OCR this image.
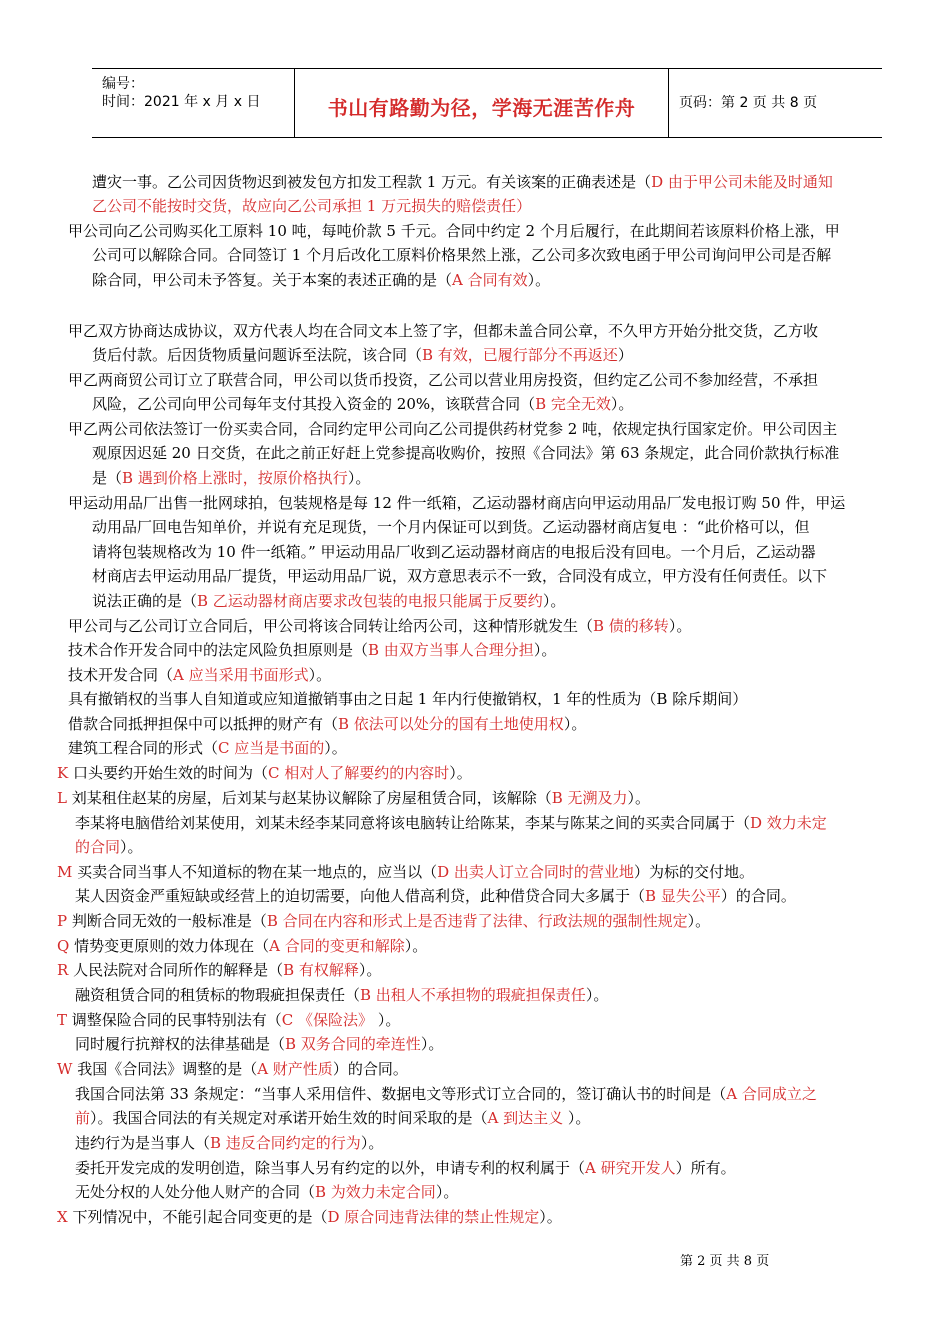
编号：
时间：2021 年 x 月 x 日	书山有路勤为径，学海无涯苦作舟	页码：第 2 页 共 8 页
遭灾一事。乙公司因货物迟到被发包方扣发工程款 1 万元。有关该案的正确表述是（D 由于甲公司未能及时通知
乙公司不能按时交货，故应向乙公司承担 1 万元损失的赔偿责任）
甲公司向乙公司购买化工原料 10 吨，每吨价款 5 千元。合同中约定 2 个月后履行，在此期间若该原料价格上涨，甲
公司可以解除合同。合同签订 1 个月后改化工原料价格果然上涨，乙公司多次致电函于甲公司询问甲公司是否解
除合同，甲公司未予答复。关于本案的表述正确的是（A 合同有效）。
甲乙双方协商达成协议，双方代表人均在合同文本上签了字，但都未盖合同公章，不久甲方开始分批交货，乙方收
货后付款。后因货物质量问题诉至法院，该合同（B 有效，已履行部分不再返还）
甲乙两商贸公司订立了联营合同，甲公司以货币投资，乙公司以营业用房投资，但约定乙公司不参加经营，不承担
风险，乙公司向甲公司每年支付其投入资金的 20%，该联营合同（B 完全无效）。
甲乙两公司依法签订一份买卖合同，合同约定甲公司向乙公司提供药材党参 2 吨，依规定执行国家定价。甲公司因主
观原因迟延 20 日交货，在此之前正好赶上党参提高收购价，按照《合同法》第 63 条规定，此合同价款执行标准
是（B 遇到价格上涨时，按原价格执行）。
甲运动用品厂出售一批网球拍，包装规格是每 12 件一纸箱，乙运动器材商店向甲运动用品厂发电报订购 50 件，甲运
动用品厂回电告知单价，并说有充足现货，一个月内保证可以到货。乙运动器材商店复电 ：“此价格可以，但
请将包装规格改为 10 件一纸箱。” 甲运动用品厂收到乙运动器材商店的电报后没有回电。一个月后，乙运动器
材商店去甲运动用品厂提货，甲运动用品厂说，双方意思表示不一致，合同没有成立，甲方没有任何责任。以下
说法正确的是（B 乙运动器材商店要求改包装的电报只能属于反要约）。
甲公司与乙公司订立合同后，甲公司将该合同转让给丙公司，这种情形就发生（B 债的移转）。
技术合作开发合同中的法定风险负担原则是（B 由双方当事人合理分担）。
技术开发合同（A 应当采用书面形式）。
具有撤销权的当事人自知道或应知道撤销事由之日起 1 年内行使撤销权，1 年的性质为（B 除斥期间）
借款合同抵押担保中可以抵押的财产有（B 依法可以处分的国有土地使用权）。
建筑工程合同的形式（C 应当是书面的）。
K 口头要约开始生效的时间为（C 相对人了解要约的内容时）。
L 刘某租住赵某的房屋，后刘某与赵某协议解除了房屋租赁合同，该解除（B 无溯及力）。
李某将电脑借给刘某使用，刘某未经李某同意将该电脑转让给陈某，李某与陈某之间的买卖合同属于（D 效力未定
的合同）。
M 买卖合同当事人不知道标的物在某一地点的，应当以（D 出卖人订立合同时的营业地）为标的交付地。
某人因资金严重短缺或经营上的迫切需要，向他人借高利贷，此种借贷合同大多属于（B 显失公平）的合同。
P 判断合同无效的一般标准是（B 合同在内容和形式上是否违背了法律、行政法规的强制性规定）。
Q 情势变更原则的效力体现在（A 合同的变更和解除）。
R 人民法院对合同所作的解释是（B 有权解释）。
融资租赁合同的租赁标的物瑕疵担保责任（B 出租人不承担物的瑕疵担保责任）。
T 调整保险合同的民事特别法有（C 《保险法》 ）。
同时履行抗辩权的法律基础是（B 双务合同的牵连性）。
W 我国《合同法》调整的是（A 财产性质）的合同。
我国合同法第 33 条规定：“当事人采用信件、数据电文等形式订立合同的，签订确认书的时间是（A 合同成立之
前）。我国合同法的有关规定对承诺开始生效的时间采取的是（A 到达主义 ）。
违约行为是当事人（B 违反合同约定的行为）。
委托开发完成的发明创造，除当事人另有约定的以外，申请专利的权利属于（A 研究开发人）所有。
无处分权的人处分他人财产的合同（B 为效力未定合同）。
X 下列情况中，不能引起合同变更的是（D 原合同违背法律的禁止性规定）。
第 2 页 共 8 页
